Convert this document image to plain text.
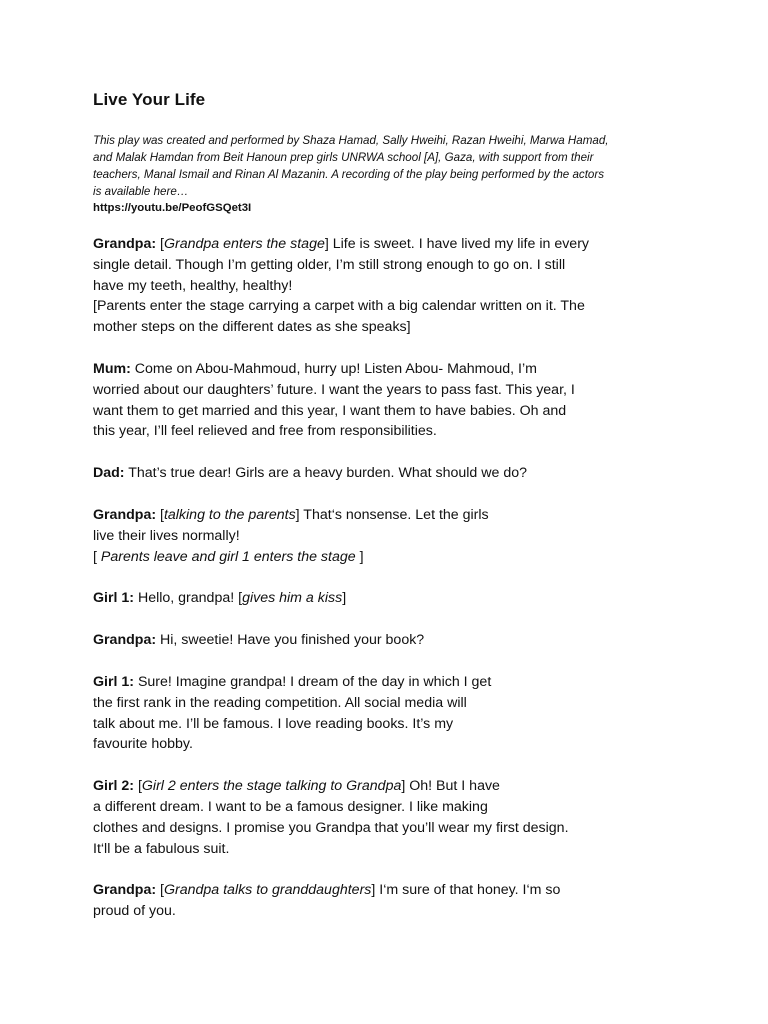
Live Your Life
This play was created and performed by Shaza Hamad, Sally Hweihi, Razan Hweihi, Marwa Hamad,
and Malak Hamdan from Beit Hanoun prep girls UNRWA school [A], Gaza, with support from their
teachers, Manal Ismail and Rinan Al Mazanin. A recording of the play being performed by the actors
is available here…
https://youtu.be/PeofGSQet3I
Grandpa: [Grandpa enters the stage] Life is sweet. I have lived my life in every
single detail. Though I’m getting older, I’m still strong enough to go on. I still
have my teeth, healthy, healthy!
[Parents enter the stage carrying a carpet with a big calendar written on it. The
mother steps on the different dates as she speaks]
Mum: Come on Abou-Mahmoud, hurry up! Listen Abou- Mahmoud, I’m
worried about our daughters’ future. I want the years to pass fast. This year, I
want them to get married and this year, I want them to have babies. Oh and
this year, I’ll feel relieved and free from responsibilities.
Dad: That’s true dear! Girls are a heavy burden. What should we do?
Grandpa: [talking to the parents] That‘s nonsense. Let the girls
live their lives normally!
[ Parents leave and girl 1 enters the stage ]
Girl 1: Hello, grandpa! [gives him a kiss]
Grandpa: Hi, sweetie! Have you finished your book?
Girl 1: Sure! Imagine grandpa! I dream of the day in which I get
the first rank in the reading competition. All social media will
talk about me. I’ll be famous. I love reading books. It’s my
favourite hobby.
Girl 2: [Girl 2 enters the stage talking to Grandpa] Oh! But I have
a different dream. I want to be a famous designer. I like making
clothes and designs. I promise you Grandpa that you’ll wear my first design.
It‘ll be a fabulous suit.
Grandpa: [Grandpa talks to granddaughters] I‘m sure of that honey. I‘m so
proud of you.
